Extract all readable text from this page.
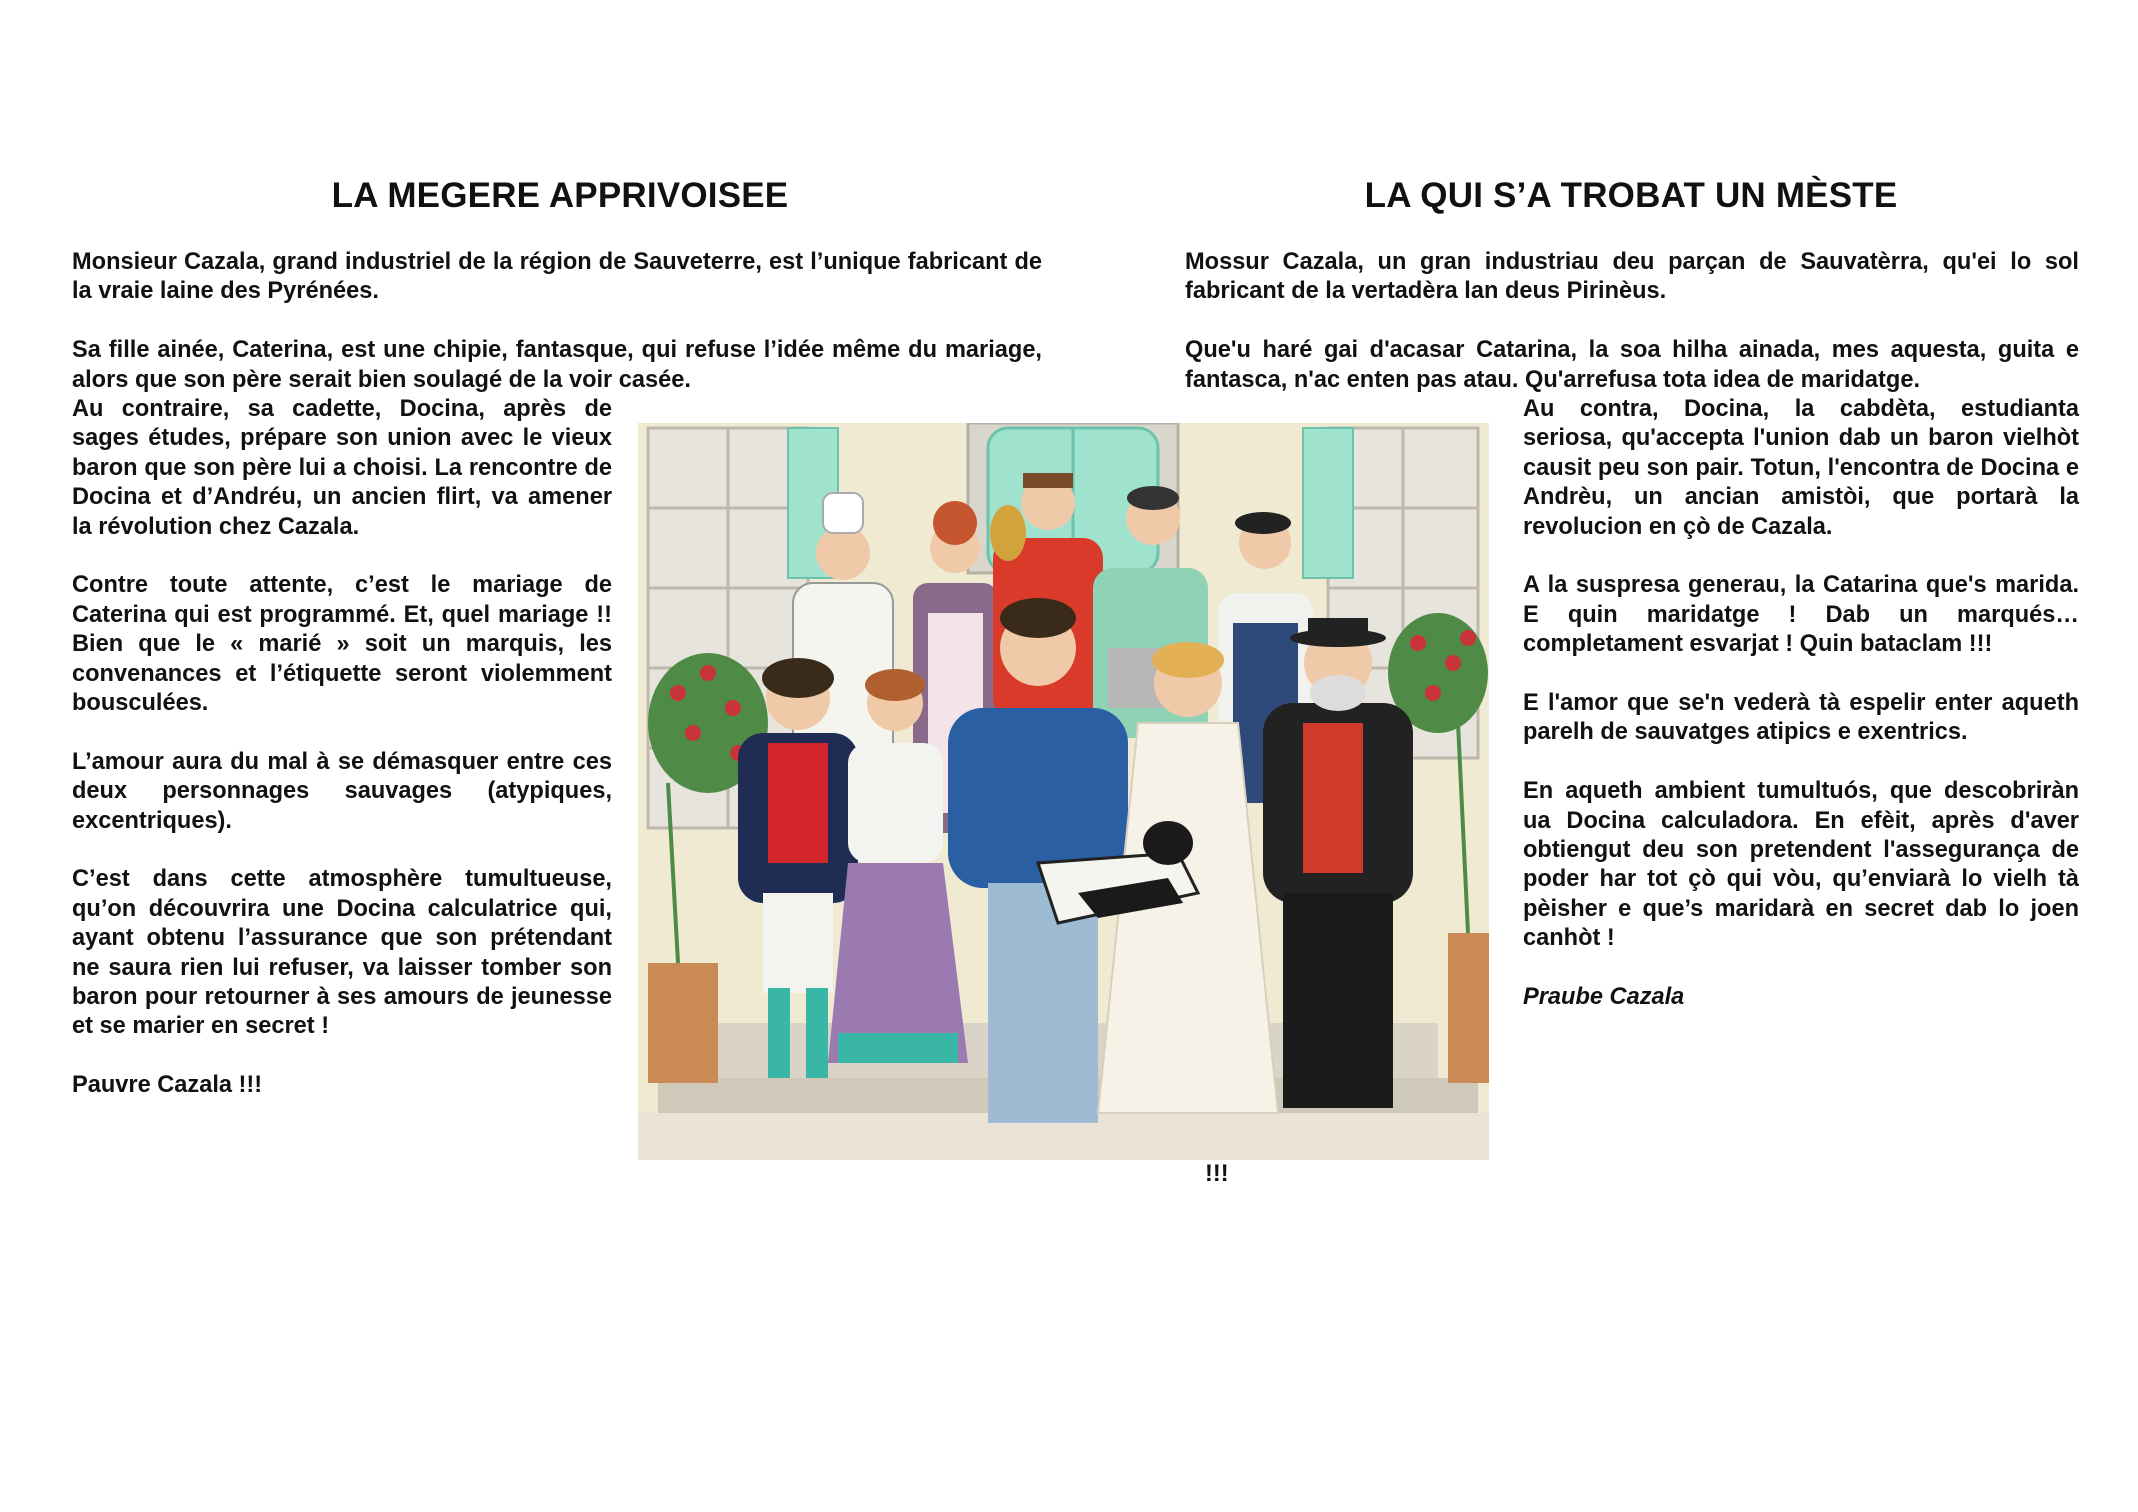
LA MEGERE APPRIVOISEE

Monsieur Cazala, grand industriel de la région de Sauveterre, est l’unique fabricant de la vraie laine des Pyrénées.

Sa fille ainée, Caterina, est une chipie, fantasque, qui refuse l’idée même du mariage, alors que son père serait bien soulagé de la voir casée.

Au contraire, sa cadette, Docina, après de sages études, prépare son union avec le vieux baron que son père lui a choisi. La rencontre de Docina et d’Andréu, un ancien flirt, va amener la révolution chez Cazala.

Contre toute attente, c’est le mariage de Caterina qui est programmé. Et, quel mariage !! Bien que le « marié » soit un marquis, les convenances et l’étiquette seront violemment bousculées.

L’amour aura du mal à se démasquer entre ces deux personnages sauvages (atypiques, excentriques).

C’est dans cette atmosphère tumultueuse, qu’on découvrira une Docina calculatrice qui, ayant obtenu l’assurance que son prétendant ne saura rien lui refuser, va laisser tomber son baron pour retourner à ses amours de jeunesse et se marier en secret !

Pauvre Cazala !!!

LA QUI S’A TROBAT UN MÈSTE

Mossur Cazala, un gran industriau deu parçan de Sauvatèrra, qu'ei lo sol fabricant de la vertadèra lan deus Pirinèus.

Que'u haré gai d'acasar Catarina, la soa hilha ainada, mes aquesta, guita e fantasca, n'ac enten pas atau. Qu'arrefusa tota idea de maridatge.

Au contra, Docina, la cabdèta, estudianta seriosa, qu'accepta l'union dab un baron vielhòt causit peu son pair. Totun, l'encontra de Docina e Andrèu, un ancian amistòi, que portarà la revolucion en çò de Cazala.

A la suspresa generau, la Catarina que's marida. E quin maridatge ! Dab un marqués… completament esvarjat ! Quin bataclam !!!

E l'amor que se'n vederà tà espelir enter aqueth parelh de sauvatges atipics e exentrics.

En aqueth ambient tumultuós, que descobriràn ua Docina calculadora. En efèit, après d'aver obtiengut deu son pretendent l'assegurança de poder har tot çò qui vòu, qu’enviarà lo vielh tà pèisher e que’s maridarà en secret dab lo joen canhòt !

Praube Cazala

!!!
